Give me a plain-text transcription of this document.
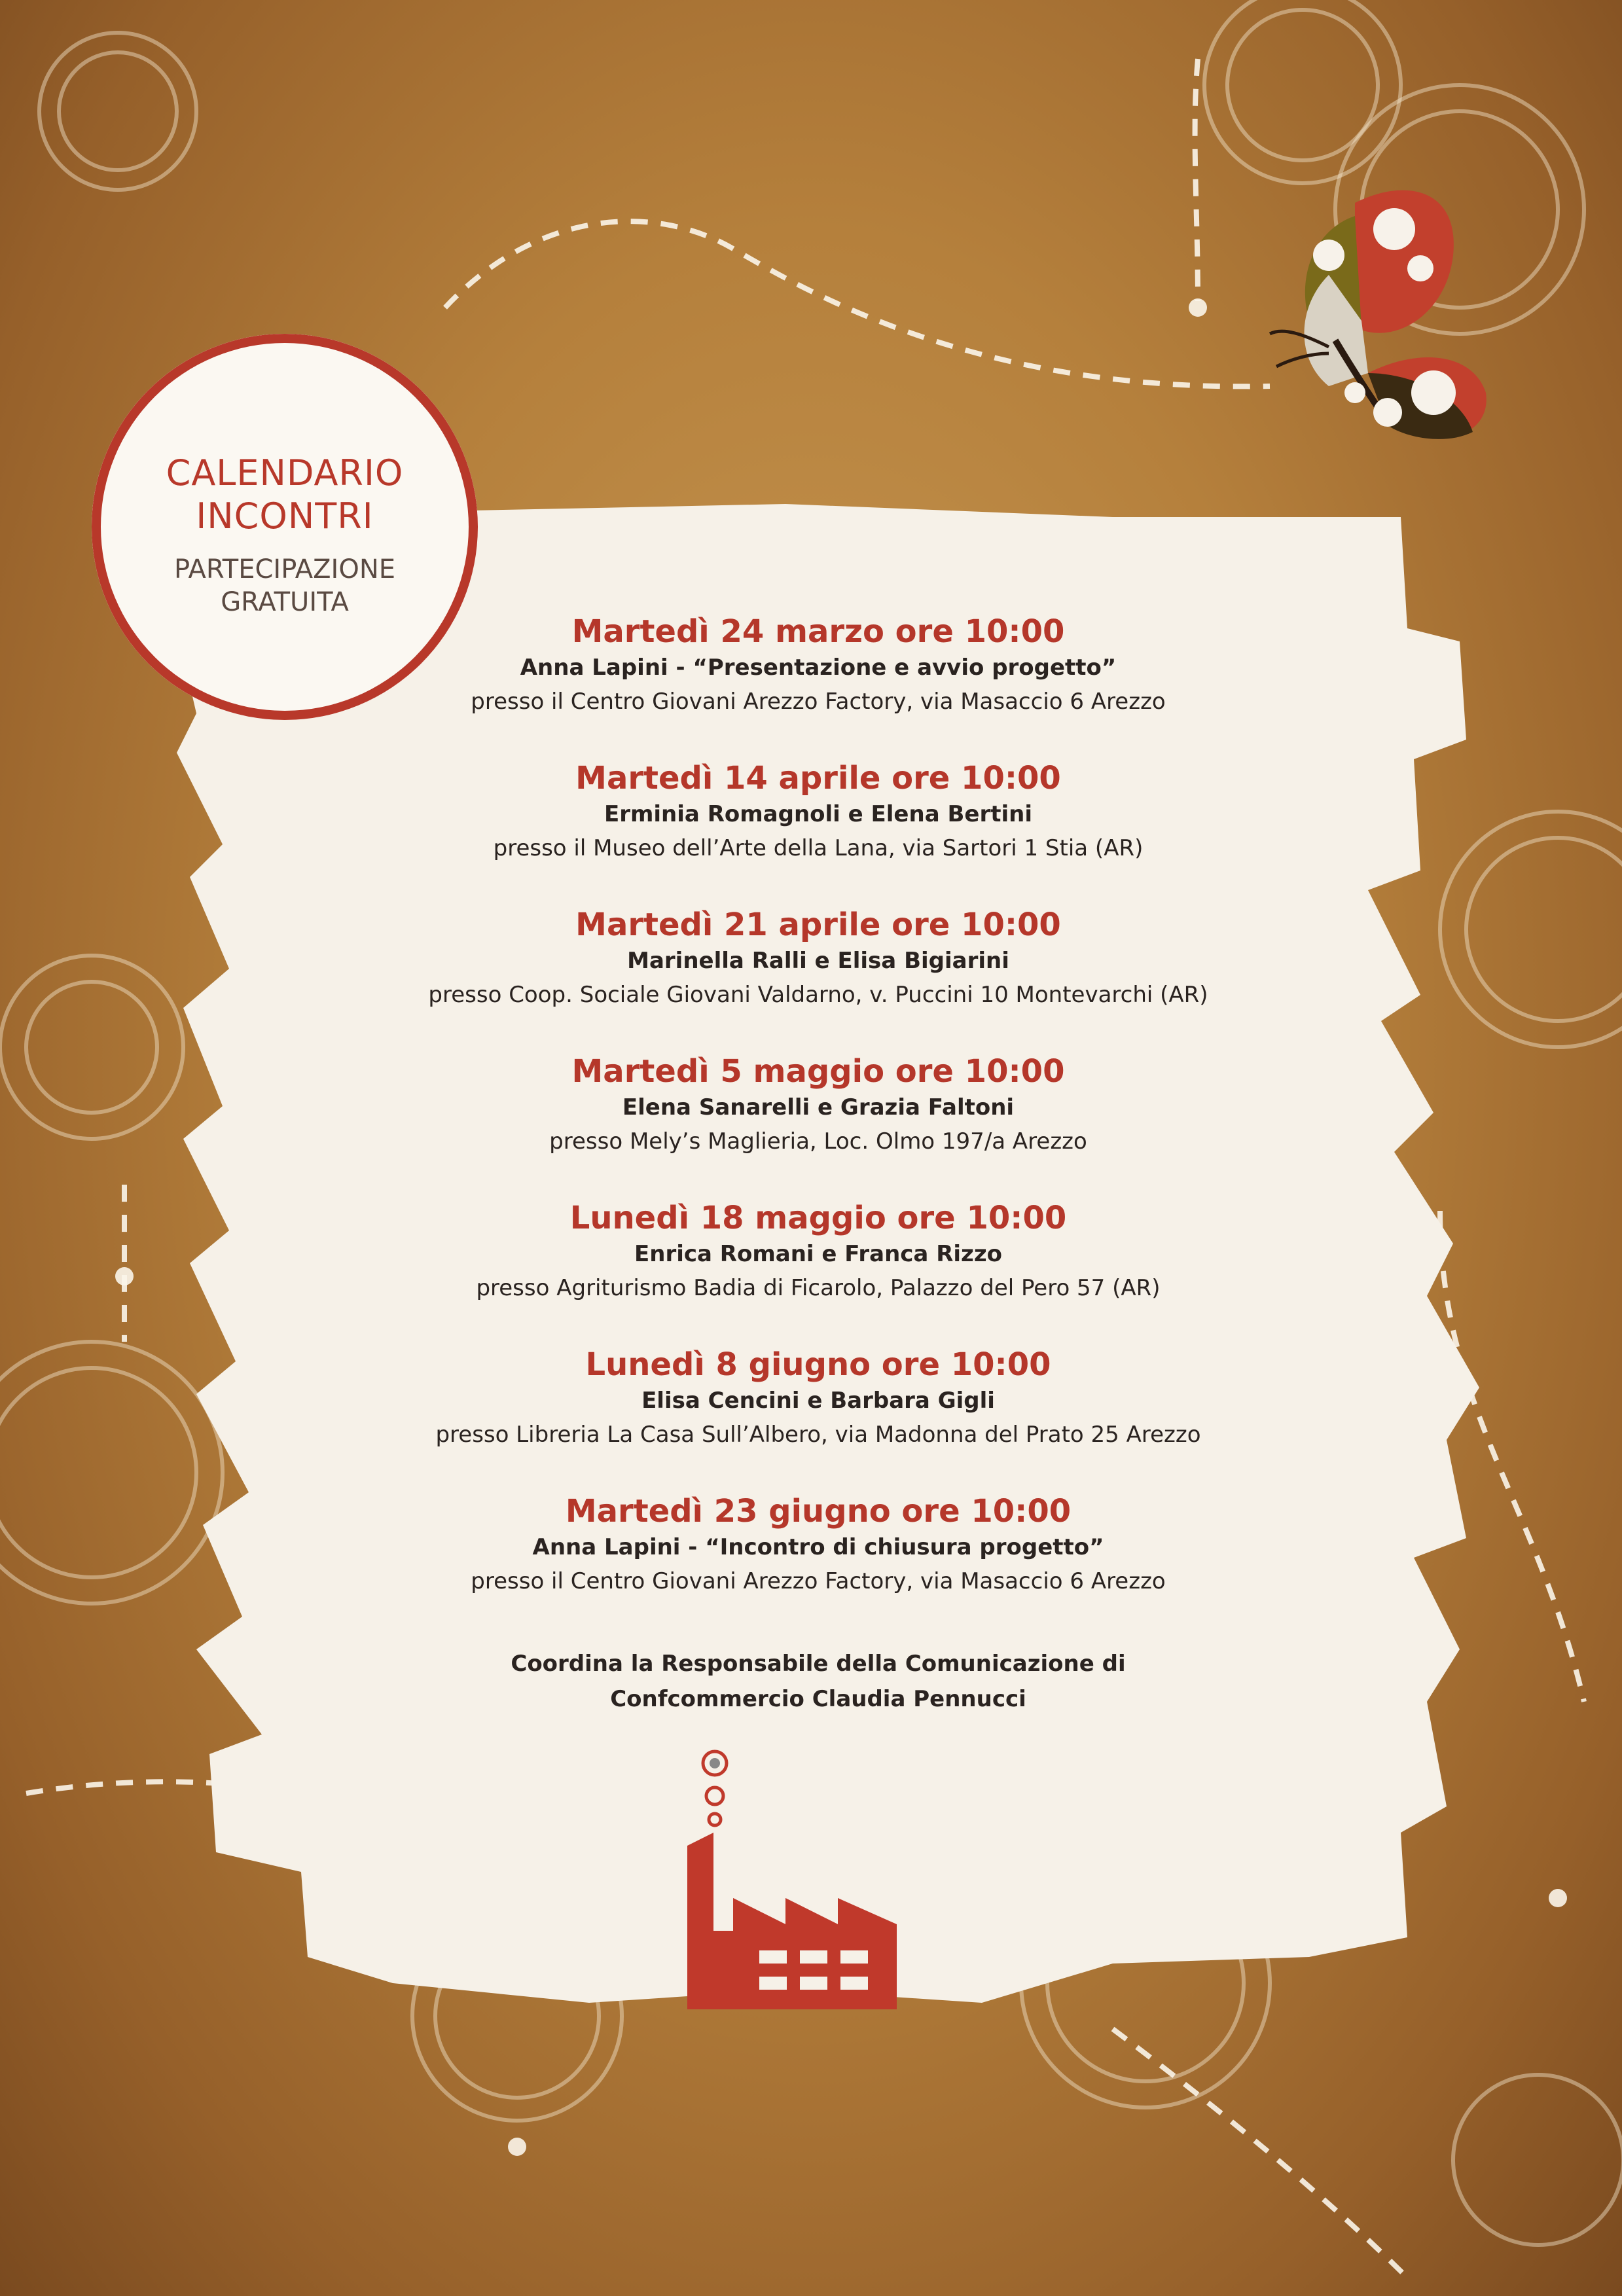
CALENDARIO
INCONTRI
PARTECIPAZIONE
GRATUITA
Martedì 24 marzo ore 10:00
Anna Lapini - “Presentazione e avvio progetto”
presso il Centro Giovani Arezzo Factory, via Masaccio 6 Arezzo
Martedì 14 aprile ore 10:00
Erminia Romagnoli e Elena Bertini
presso il Museo dell’Arte della Lana, via Sartori 1 Stia (AR)
Martedì 21 aprile ore 10:00
Marinella Ralli e Elisa Bigiarini
presso Coop. Sociale Giovani Valdarno, v. Puccini 10 Montevarchi (AR)
Martedì 5 maggio ore 10:00
Elena Sanarelli e Grazia Faltoni
presso Mely’s Maglieria, Loc. Olmo 197/a Arezzo
Lunedì 18 maggio ore 10:00
Enrica Romani e Franca Rizzo
presso Agriturismo Badia di Ficarolo, Palazzo del Pero 57 (AR)
Lunedì 8 giugno ore 10:00
Elisa Cencini e Barbara Gigli
presso Libreria La Casa Sull’Albero, via Madonna del Prato 25 Arezzo
Martedì 23 giugno ore 10:00
Anna Lapini - “Incontro di chiusura progetto”
presso il Centro Giovani Arezzo Factory, via Masaccio 6 Arezzo
Coordina la Responsabile della Comunicazione di
Confcommercio Claudia Pennucci
